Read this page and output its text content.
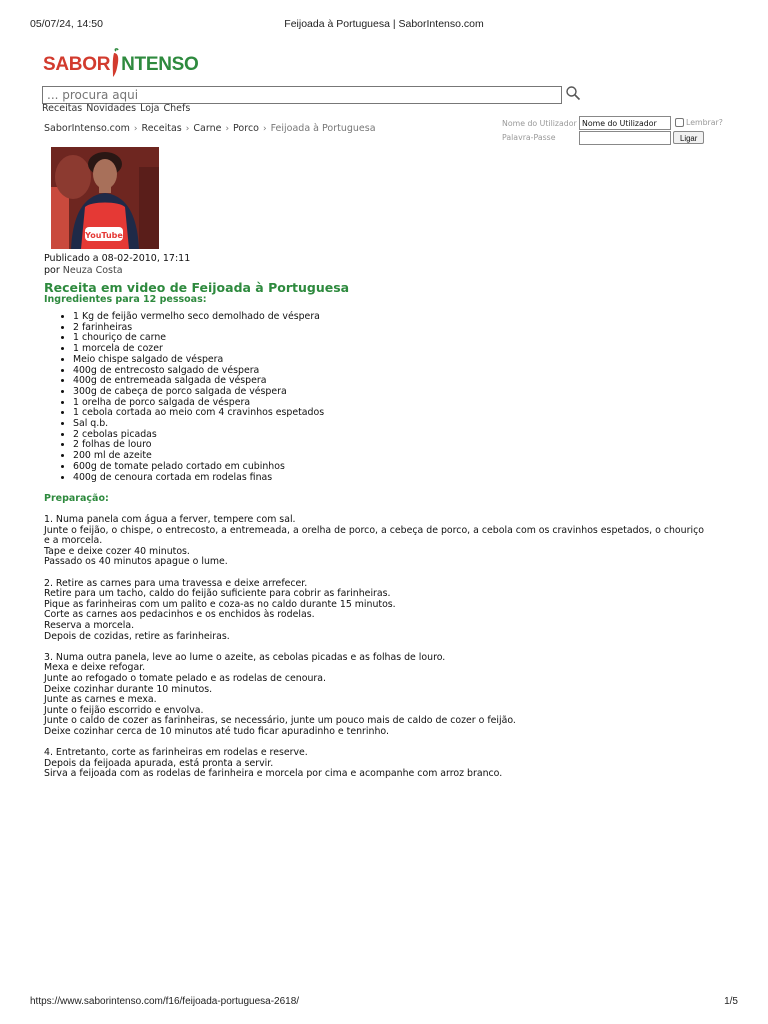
05/07/24, 14:50	Feijoada à Portuguesa | SaborIntenso.com
SABOR NTENSO
... procura aqui
Receitas Novidades Loja Chefs
SaborIntenso.com › Receitas › Carne › Porco › Feijoada à Portuguesa	Nome do Utilizador
Nome do Utilizador
Palavra-Passe
Lembrar?
Ligar
YouTube
Publicado a 08-02-2010, 17:11
por Neuza Costa
Receita em video de Feijoada à Portuguesa
Ingredientes para 12 pessoas:
• 1 Kg de feijão vermelho seco demolhado de véspera
• 2 farinheiras
• 1 chouriço de carne
• 1 morcela de cozer
• Meio chispe salgado de véspera
• 400g de entrecosto salgado de véspera
• 400g de entremeada salgada de véspera
• 300g de cabeça de porco salgada de véspera
• 1 orelha de porco salgada de véspera
• 1 cebola cortada ao meio com 4 cravinhos espetados
• Sal q.b.
• 2 cebolas picadas
• 2 folhas de louro
• 200 ml de azeite
• 600g de tomate pelado cortado em cubinhos
• 400g de cenoura cortada em rodelas finas
Preparação:

1. Numa panela com água a ferver, tempere com sal.
Junte o feijão, o chispe, o entrecosto, a entremeada, a orelha de porco, a cebeça de porco, a cebola com os cravinhos espetados, o chouriço
e a morcela.
Tape e deixe cozer 40 minutos.
Passado os 40 minutos apague o lume.

2. Retire as carnes para uma travessa e deixe arrefecer.
Retire para um tacho, caldo do feijão suficiente para cobrir as farinheiras.
Pique as farinheiras com um palito e coza-as no caldo durante 15 minutos.
Corte as carnes aos pedacinhos e os enchidos às rodelas.
Reserva a morcela.
Depois de cozidas, retire as farinheiras.

3. Numa outra panela, leve ao lume o azeite, as cebolas picadas e as folhas de louro.
Mexa e deixe refogar.
Junte ao refogado o tomate pelado e as rodelas de cenoura.
Deixe cozinhar durante 10 minutos.
Junte as carnes e mexa.
Junte o feijão escorrido e envolva.
Junte o caldo de cozer as farinheiras, se necessário, junte um pouco mais de caldo de cozer o feijão.
Deixe cozinhar cerca de 10 minutos até tudo ficar apuradinho e tenrinho.

4. Entretanto, corte as farinheiras em rodelas e reserve.
Depois da feijoada apurada, está pronta a servir.
Sirva a feijoada com as rodelas de farinheira e morcela por cima e acompanhe com arroz branco.

https://www.saborintenso.com/f16/feijoada-portuguesa-2618/	1/5
